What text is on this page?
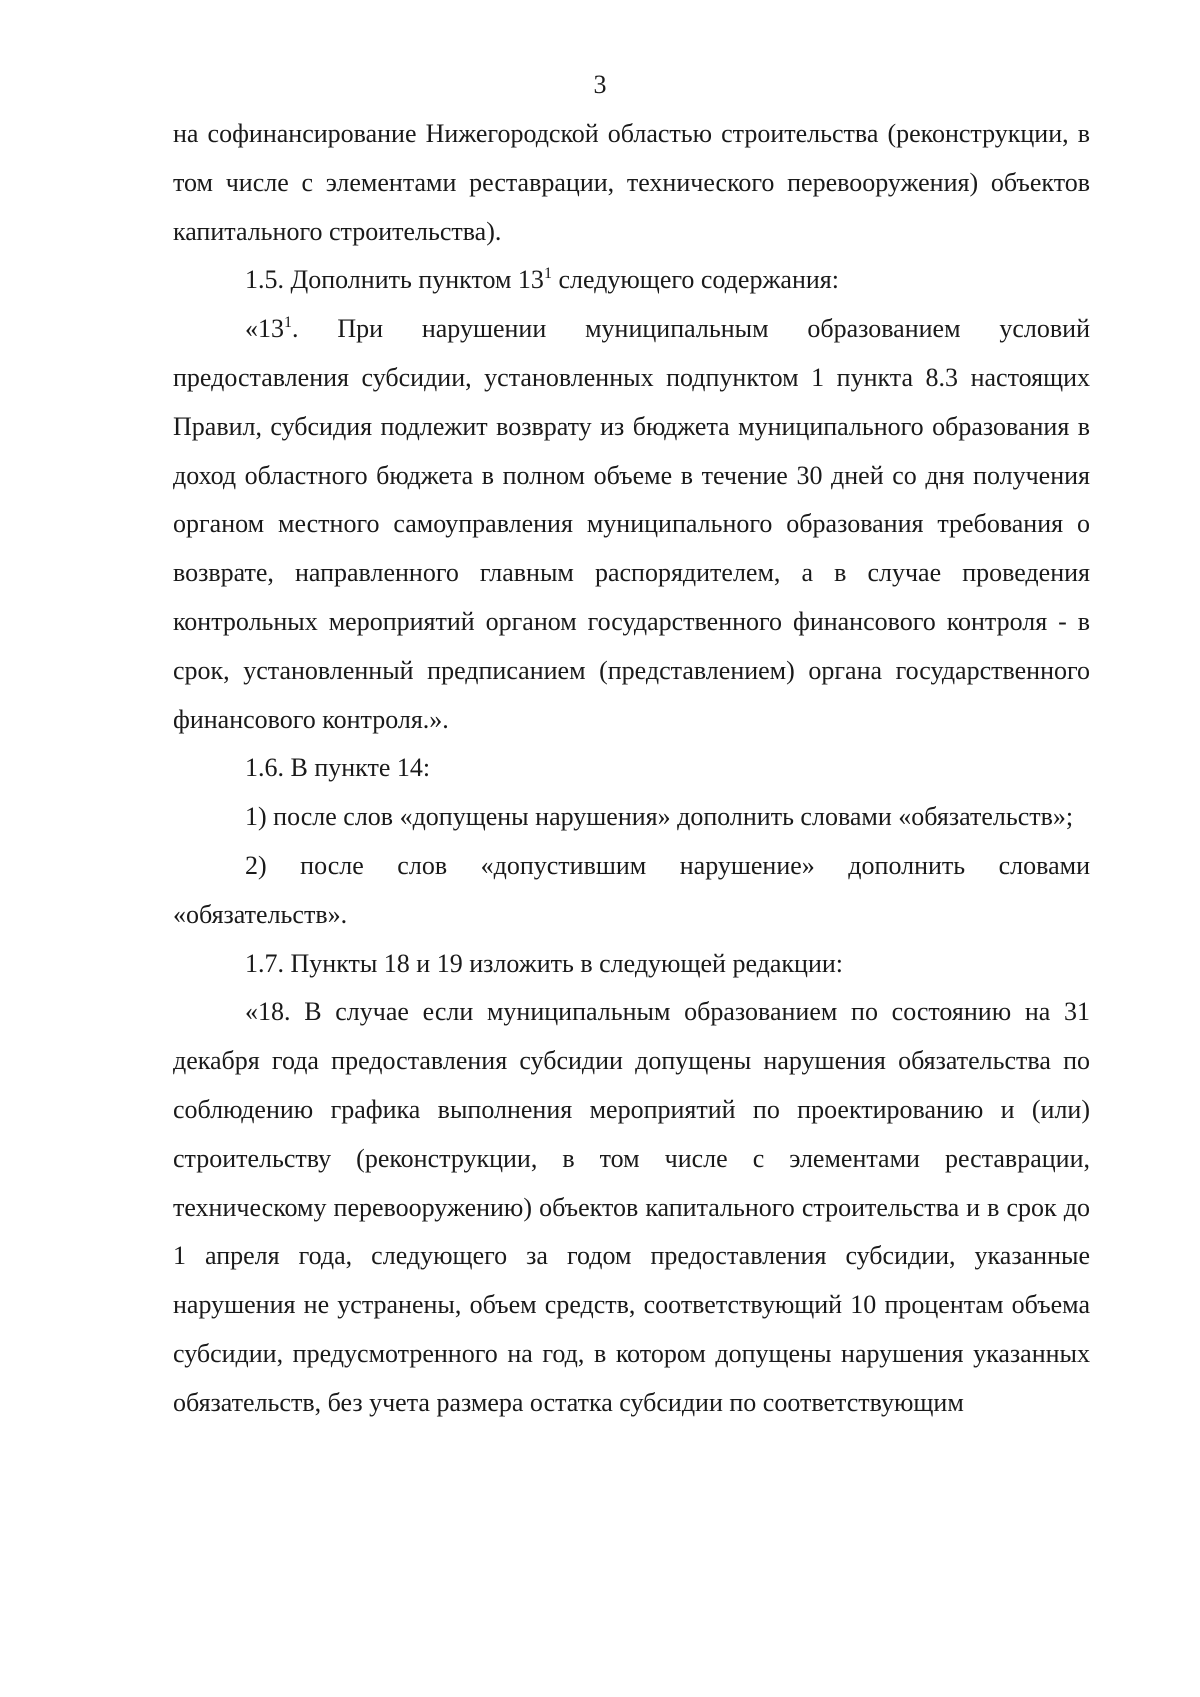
3

на софинансирование Нижегородской областью строительства (реконструкции, в том числе с элементами реставрации, технического перевооружения) объектов капитального строительства).

1.5. Дополнить пунктом $13^1$ следующего содержания:

«$13^1$. При нарушении муниципальным образованием условий предоставления субсидии, установленных подпунктом 1 пункта 8.3 настоящих Правил, субсидия подлежит возврату из бюджета муниципального образования в доход областного бюджета в полном объеме в течение 30 дней со дня получения органом местного самоуправления муниципального образования требования о возврате, направленного главным распорядителем, а в случае проведения контрольных мероприятий органом государственного финансового контроля - в срок, установленный предписанием (представлением) органа государственного финансового контроля.».

1.6. В пункте 14:

1) после слов «допущены нарушения» дополнить словами «обязательств»;

2) после слов «допустившим нарушение» дополнить словами «обязательств».

1.7. Пункты 18 и 19 изложить в следующей редакции:

«18. В случае если муниципальным образованием по состоянию на 31 декабря года предоставления субсидии допущены нарушения обязательства по соблюдению графика выполнения мероприятий по проектированию и (или) строительству (реконструкции, в том числе с элементами реставрации, техническому перевооружению) объектов капитального строительства и в срок до 1 апреля года, следующего за годом предоставления субсидии, указанные нарушения не устранены, объем средств, соответствующий 10 процентам объема субсидии, предусмотренного на год, в котором допущены нарушения указанных обязательств, без учета размера остатка субсидии по соответствующим
